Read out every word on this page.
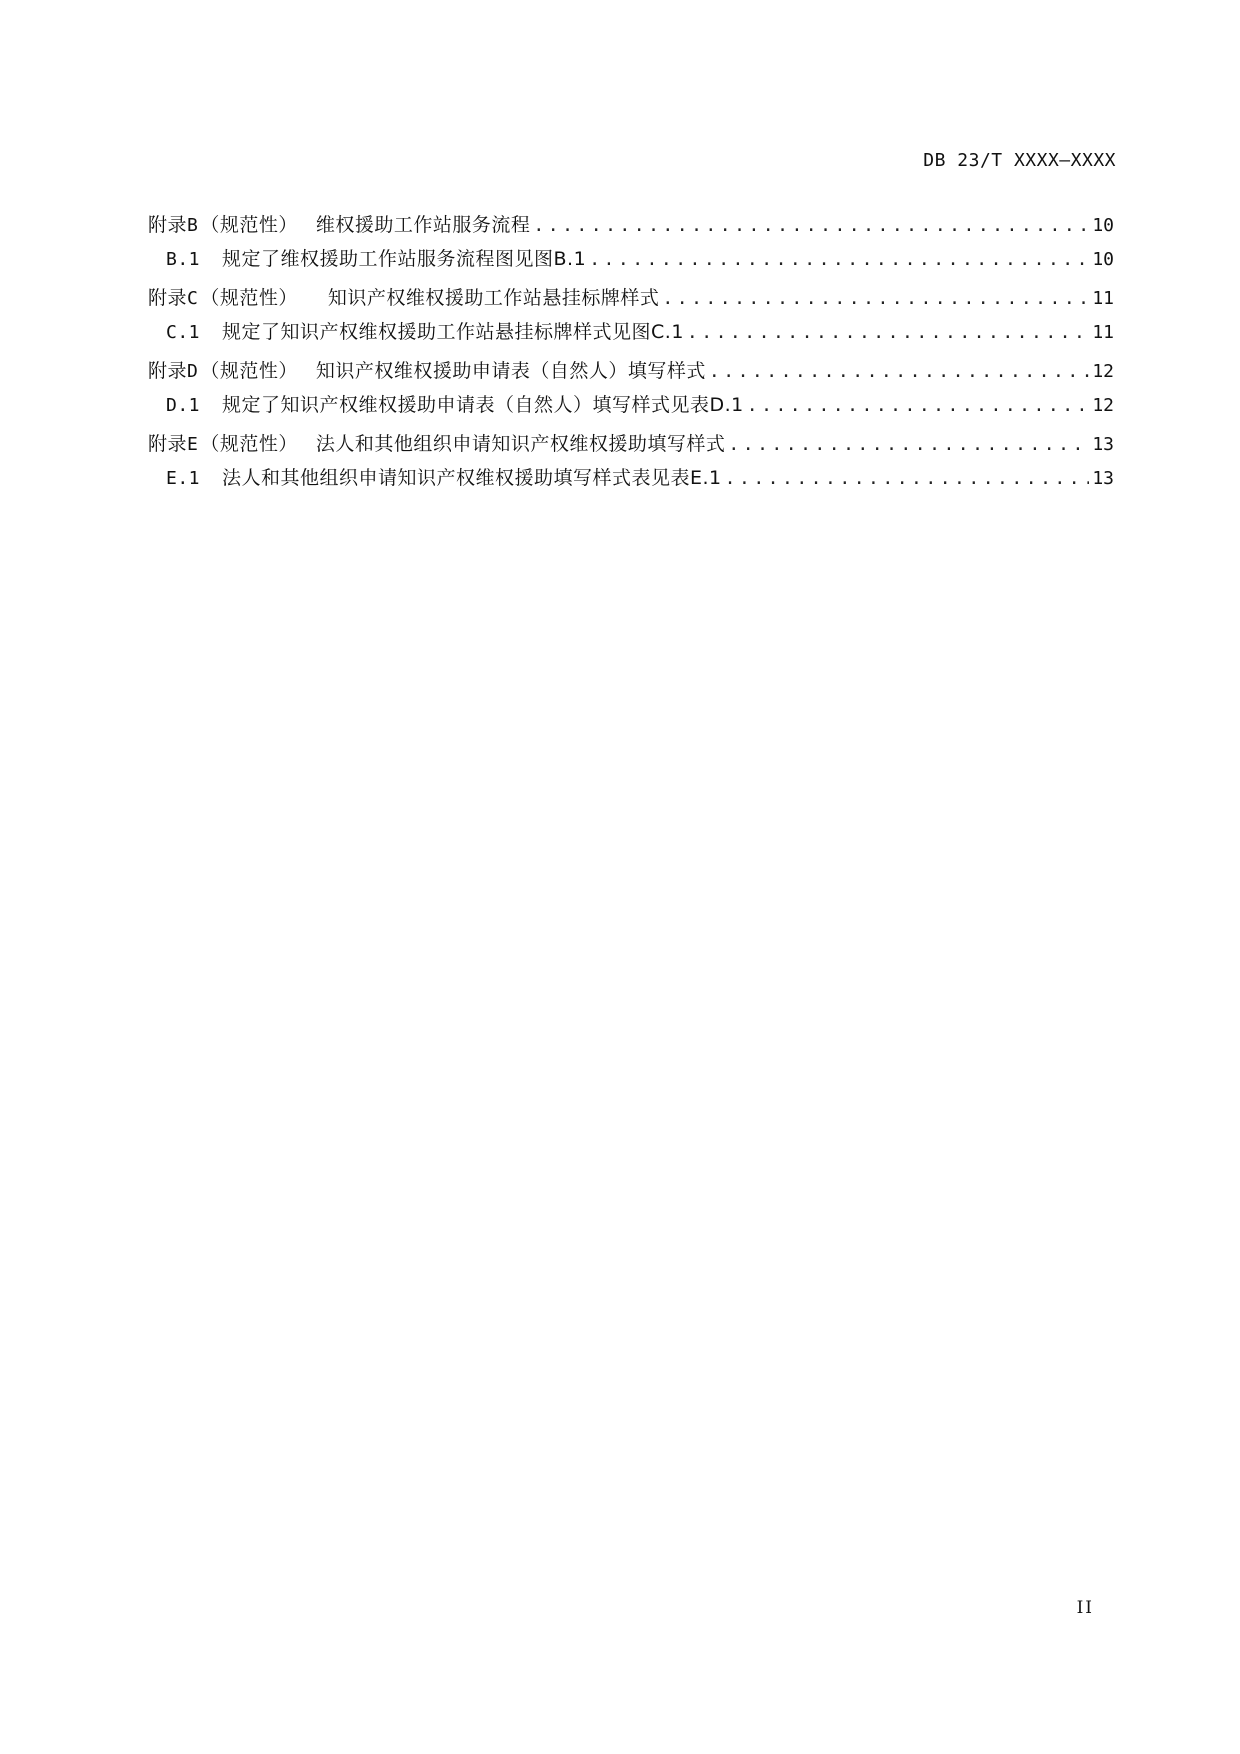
DB 23/T XXXX—XXXX
附录B （规范性） 维权援助工作站服务流程 .....	10
B.1 规定了维权援助工作站服务流程图见图B.1 .....	10
附录C （规范性） 知识产权维权援助工作站悬挂标牌样式 .....	11
C.1 规定了知识产权维权援助工作站悬挂标牌样式见图C.1 .....	11
附录D （规范性） 知识产权维权援助申请表（自然人）填写样式 .....	12
D.1 规定了知识产权维权援助申请表（自然人）填写样式见表D.1 .....	12
附录E （规范性） 法人和其他组织申请知识产权维权援助填写样式 .....	13
E.1 法人和其他组织申请知识产权维权援助填写样式表见表E.1 .....	13
II
